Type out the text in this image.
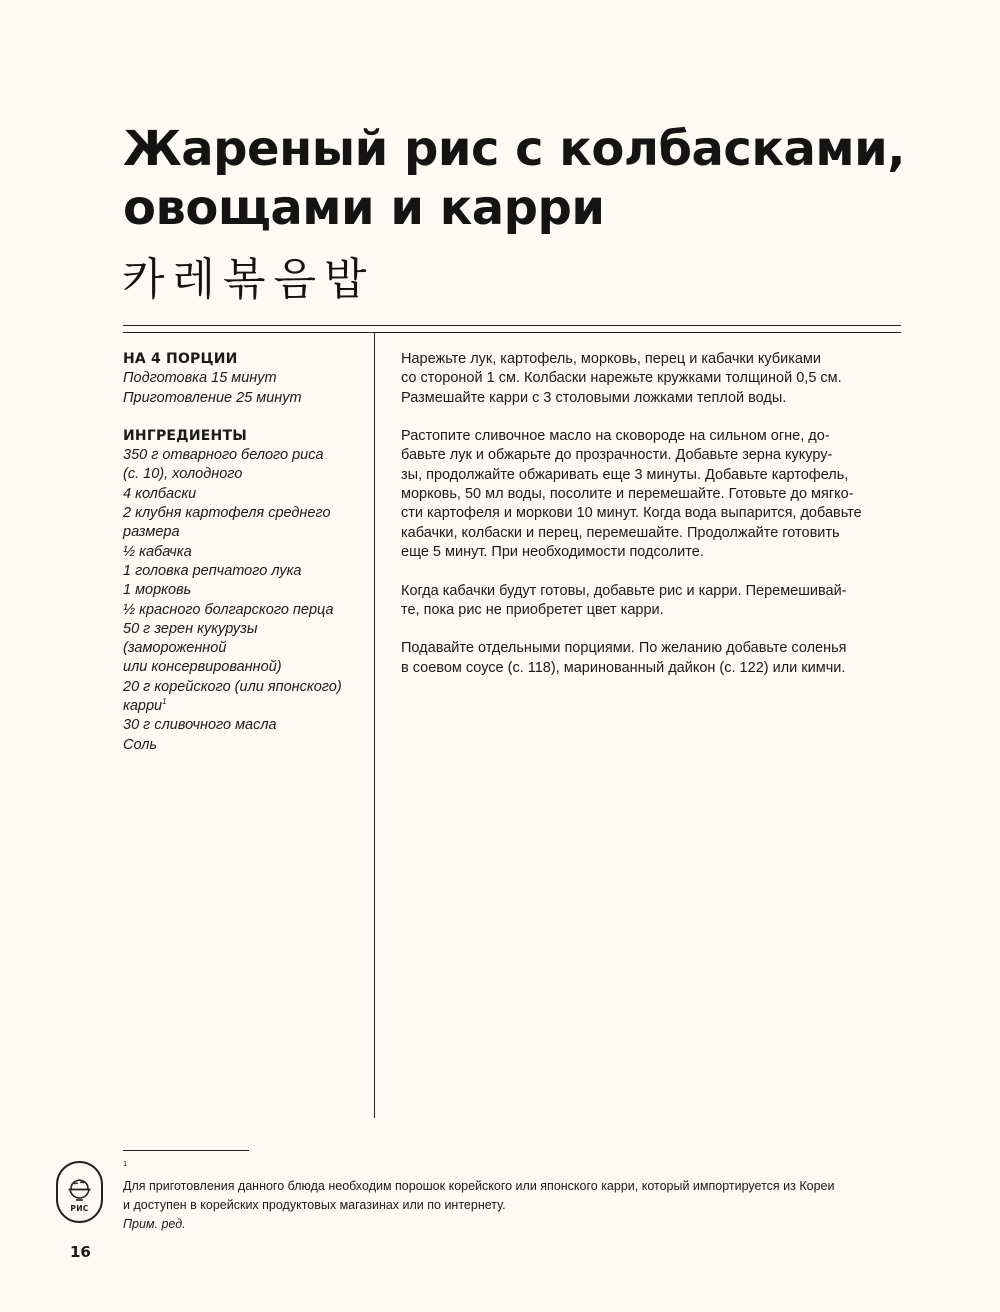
Жареный рис с колбасками,
овощами и карри
카레볶음밥
НА 4 ПОРЦИИ
Подготовка 15 минут
Приготовление 25 минут
ИНГРЕДИЕНТЫ
350 г отварного белого риса
(с. 10), холодного
4 колбаски
2 клубня картофеля среднего
размера
½ кабачка
1 головка репчатого лука
1 морковь
½ красного болгарского перца
50 г зерен кукурузы
(замороженной
или консервированной)
20 г корейского (или японского)
карри$^1$
30 г сливочного масла
Соль

Нарежьте лук, картофель, морковь, перец и кабачки кубиками
со стороной 1 см. Колбаски нарежьте кружками толщиной 0,5 см.
Размешайте карри с 3 столовыми ложками теплой воды.

Растопите сливочное масло на сковороде на сильном огне, до-
бавьте лук и обжарьте до прозрачности. Добавьте зерна кукуру-
зы, продолжайте обжаривать еще 3 минуты. Добавьте картофель,
морковь, 50 мл воды, посолите и перемешайте. Готовьте до мягко-
сти картофеля и моркови 10 минут. Когда вода выпарится, добавьте
кабачки, колбаски и перец, перемешайте. Продолжайте готовить
еще 5 минут. При необходимости подсолите.

Когда кабачки будут готовы, добавьте рис и карри. Перемешивай-
те, пока рис не приобретет цвет карри.

Подавайте отдельными порциями. По желанию добавьте соленья
в соевом соусе (с. 118), маринованный дайкон (с. 122) или кимчи.

$^1$
Для приготовления данного блюда необходим порошок корейского или японского карри, который импортируется из Кореи
и доступен в корейских продуктовых магазинах или по интернету.
Прим. ред.
РИС
16
